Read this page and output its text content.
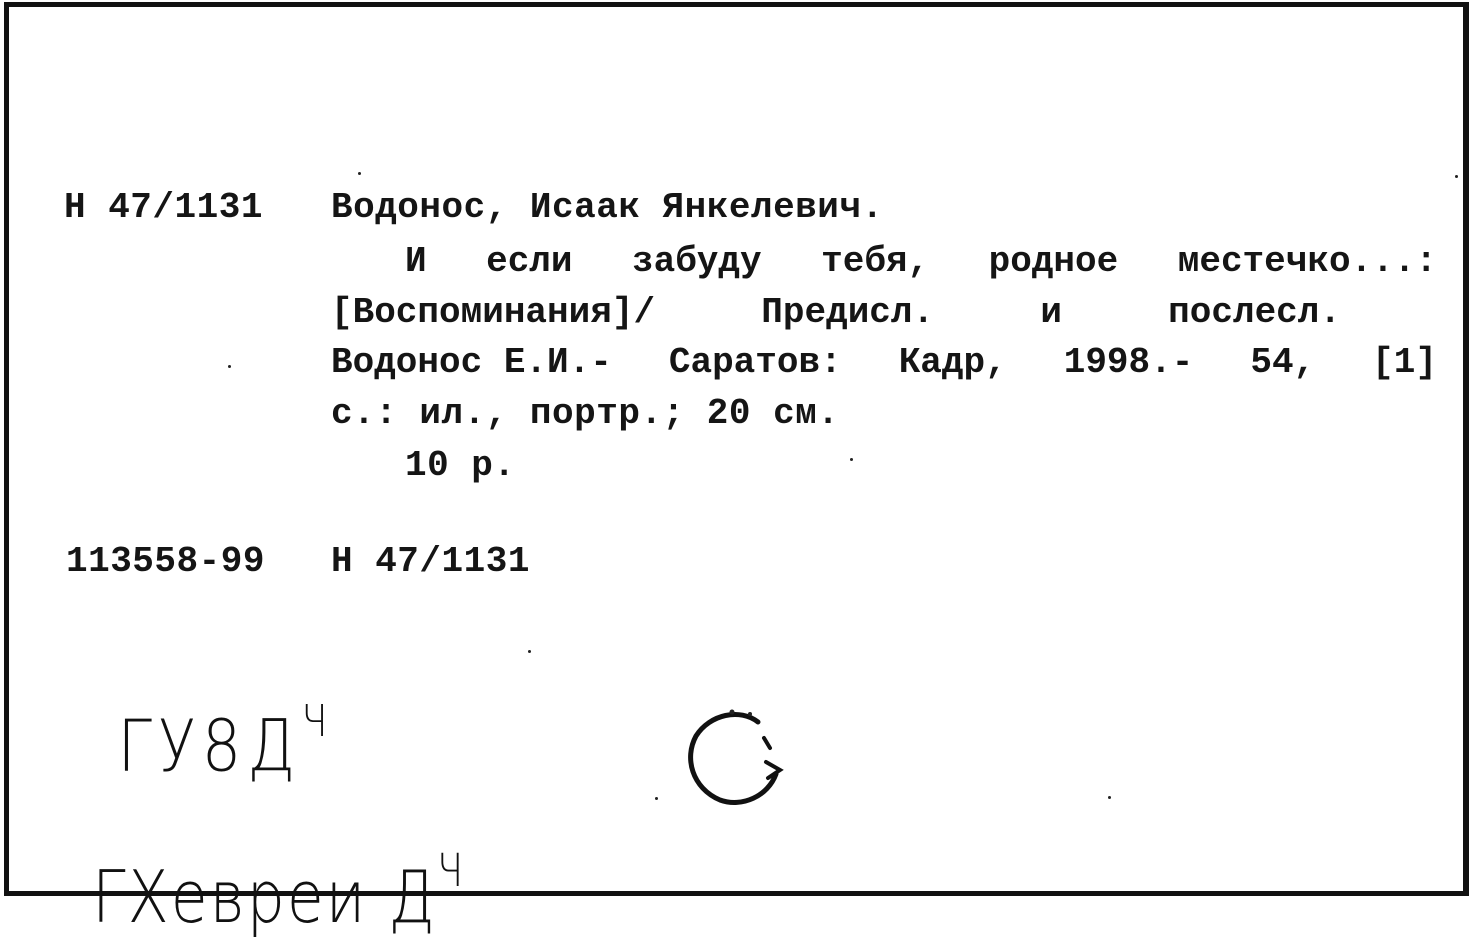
Н 47/1131 Водонос, Исаак Янкелевич.
И если забуду тебя, родное местечко...:
[Воспоминания]/	Предисл.	и	послесл.
Водонос Е.И.- Саратов: Кадр, 1998.- 54, [1]
с.: ил., портр.; 20 см.
10 р.
113558-99 Н 47/1131

$ГУ8Д^Ч$

ГХевреи $Д^Ч$
